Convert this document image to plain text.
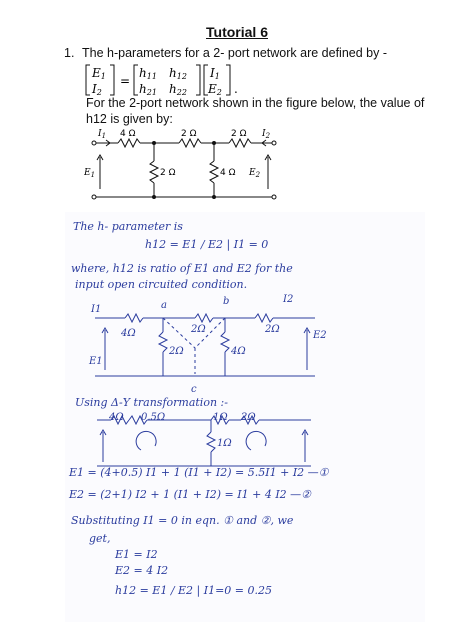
Tutorial 6
1. The h-parameters for a 2- port network are defined by -
E1
I2
=
h11 h12
h21 h22
I1
E2 .
For the 2-port network shown in the figure below, the value of
h12 is given by:
$I_1$	$I_2$
4 Ω	2 Ω	2 Ω
2 Ω	4 Ω
$E_1$	$E_2$
The h- parameter is
h12 = E1 / E2 | I1 = 0
where, h12 is ratio of E1 and E2 for the
input open circuited condition.
I1	a	b	I2
4Ω	2Ω	2Ω
2Ω	4Ω
E1
E2
c
Using Δ-Y transformation :-
4Ω 0.5Ω	1Ω 2Ω
1Ω
E1 = (4+0.5) I1 + 1 (I1 + I2) = 5.5I1 + I2 —①
E2 = (2+1) I2 + 1 (I1 + I2) = I1 + 4 I2 —②
Substituting I1 = 0 in eqn. ① and ②, we
get,
E1 = I2
E2 = 4 I2
h12 = E1 / E2 | I1=0 = 0.25
